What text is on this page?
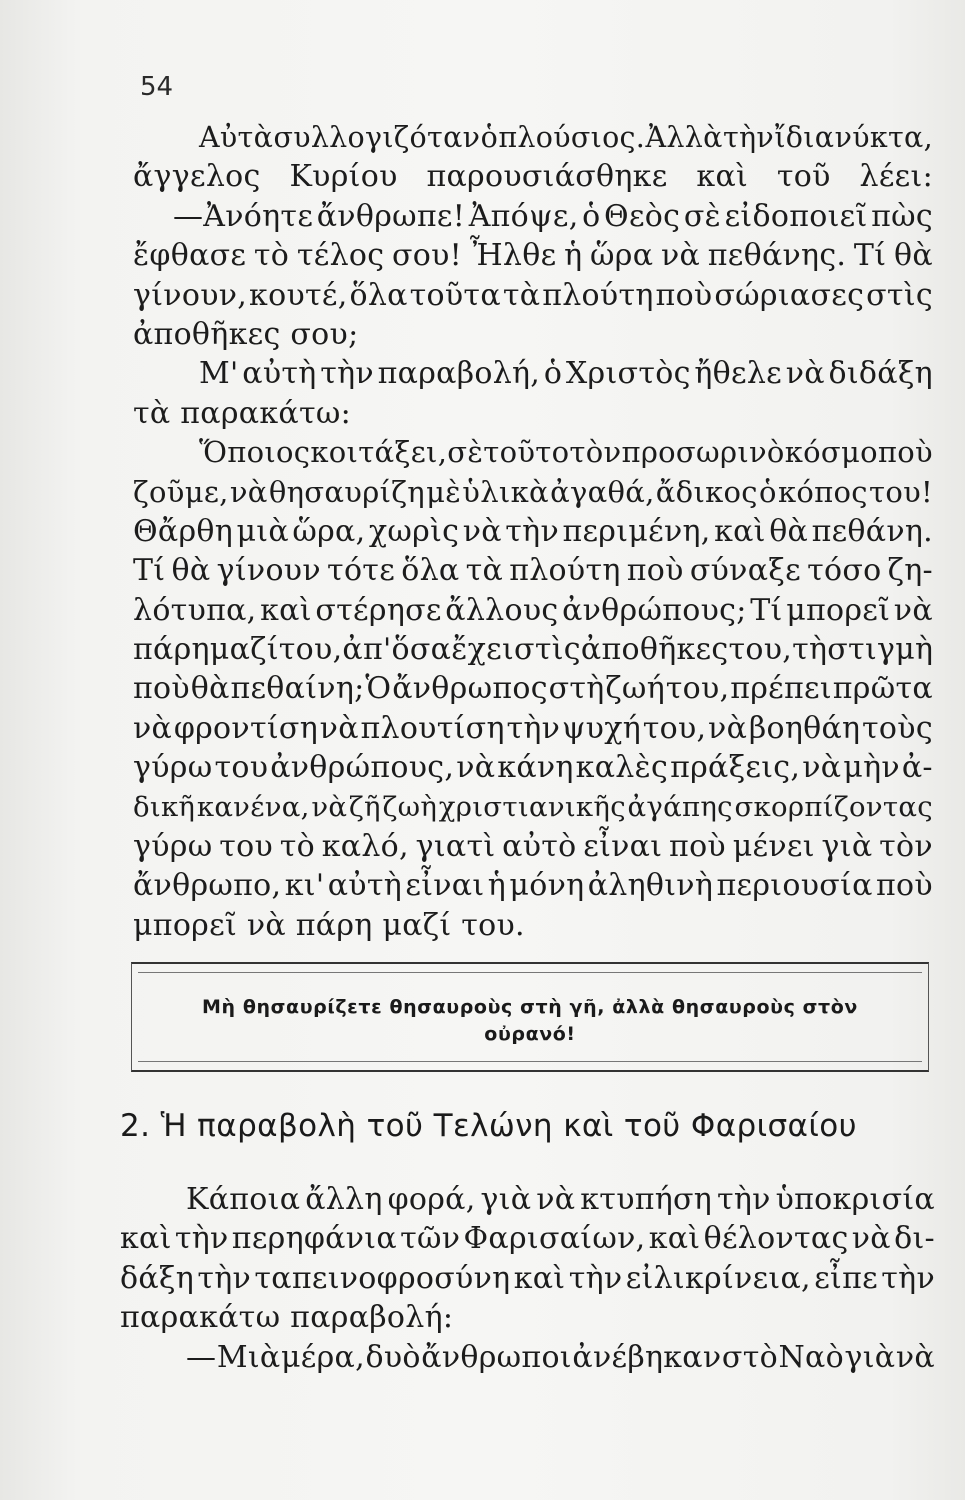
54
Αὐτὰ συλλογιζόταν ὁ πλούσιος. Ἀλλὰ τὴν ἴδια νύκτα,
ἄγγελος Κυρίου παρουσιάσθηκε καὶ τοῦ λέει:
—Ἀνόητε ἄνθρωπε! Ἀπόψε, ὁ Θεὸς σὲ εἰδοποιεῖ πὼς
ἔφθασε τὸ τέλος σου! Ἦλθε ἡ ὥρα νὰ πεθάνης. Τί θὰ
γίνουν, κουτέ, ὅλα τοῦτα τὰ πλούτη ποὺ σώριασες στὶς
ἀποθῆκες σου;
Μ' αὐτὴ τὴν παραβολή, ὁ Χριστὸς ἤθελε νὰ διδάξη
τὰ παρακάτω:
Ὅποιος κοιτάξει, σὲ τοῦτο τὸν προσωρινὸ κόσμο ποὺ
ζοῦμε, νὰ θησαυρίζη μὲ ὑλικὰ ἀγαθά, ἄδικος ὁ κόπος του!
Θἄρθη μιὰ ὥρα, χωρὶς νὰ τὴν περιμένη, καὶ θὰ πεθάνη.
Τί θὰ γίνουν τότε ὅλα τὰ πλούτη ποὺ σύναξε τόσο ζη-
λότυπα, καὶ στέρησε ἄλλους ἀνθρώπους; Τί μπορεῖ νὰ
πάρη μαζί του, ἀπ' ὅσα ἔχει στὶς ἀποθῆκες του, τὴ στιγμὴ
ποὺ θὰ πεθαίνη; Ὁ ἄνθρωπος στὴ ζωή του, πρέπει πρῶτα
νὰ φροντίση νὰ πλουτίση τὴν ψυχή του, νὰ βοηθάη τοὺς
γύρω του ἀνθρώπους, νὰ κάνη καλὲς πράξεις, νὰ μὴν ἀ-
δικῆ κανένα, νὰ ζῆ ζωὴ χριστιανικῆς ἀγάπης σκορπίζοντας
γύρω του τὸ καλό, γιατὶ αὐτὸ εἶναι ποὺ μένει γιὰ τὸν
ἄνθρωπο, κι' αὐτὴ εἶναι ἡ μόνη ἀληθινὴ περιουσία ποὺ
μπορεῖ νὰ πάρη μαζί του.
Μὴ θησαυρίζετε θησαυροὺς στὴ γῆ, ἀλλὰ θησαυροὺς στὸν οὐρανό!
2. Ἡ παραβολὴ τοῦ Τελώνη καὶ τοῦ Φαρισαίου
Κάποια ἄλλη φορά, γιὰ νὰ κτυπήση τὴν ὑποκρισία
καὶ τὴν περηφάνια τῶν Φαρισαίων, καὶ θέλοντας νὰ δι-
δάξη τὴν ταπεινοφροσύνη καὶ τὴν εἰλικρίνεια, εἶπε τὴν
παρακάτω παραβολή:
— Μιὰ μέρα, δυὸ ἄνθρωποι ἀνέβηκαν στὸ Ναὸ γιὰ νὰ
